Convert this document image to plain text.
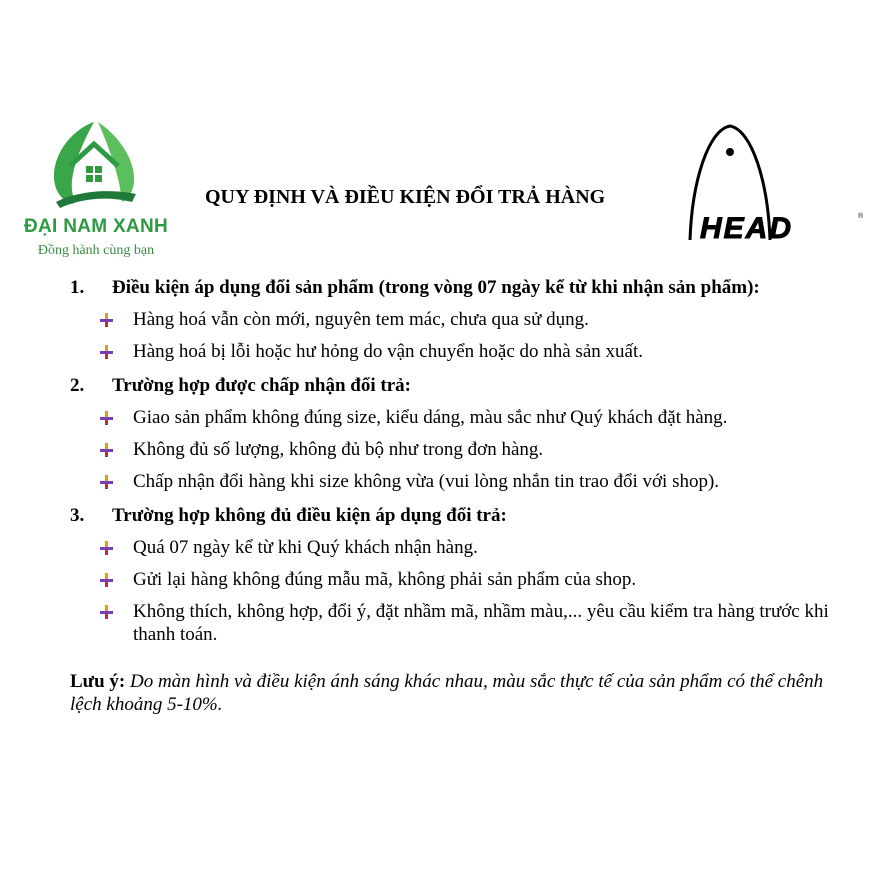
ĐẠI NAM XANH
Đồng hành cùng bạn
QUY ĐỊNH VÀ ĐIỀU KIỆN ĐỔI TRẢ HÀNG
HEAD	®
1.	Điều kiện áp dụng đổi sản phẩm (trong vòng 07 ngày kể từ khi nhận sản phẩm):
Hàng hoá vẫn còn mới, nguyên tem mác, chưa qua sử dụng.
Hàng hoá bị lỗi hoặc hư hỏng do vận chuyển hoặc do nhà sản xuất.
2.	Trường hợp được chấp nhận đổi trả:
Giao sản phẩm không đúng size, kiểu dáng, màu sắc như Quý khách đặt hàng.
Không đủ số lượng, không đủ bộ như trong đơn hàng.
Chấp nhận đổi hàng khi size không vừa (vui lòng nhắn tin trao đổi với shop).
3.	Trường hợp không đủ điều kiện áp dụng đổi trả:
Quá 07 ngày kể từ khi Quý khách nhận hàng.
Gửi lại hàng không đúng mẫu mã, không phải sản phẩm của shop.
Không thích, không hợp, đổi ý, đặt nhầm mã, nhầm màu,... yêu cầu kiểm tra hàng trước khi thanh toán.
Lưu ý: Do màn hình và điều kiện ánh sáng khác nhau, màu sắc thực tế của sản phẩm có thể chênh lệch khoảng 5-10%.
